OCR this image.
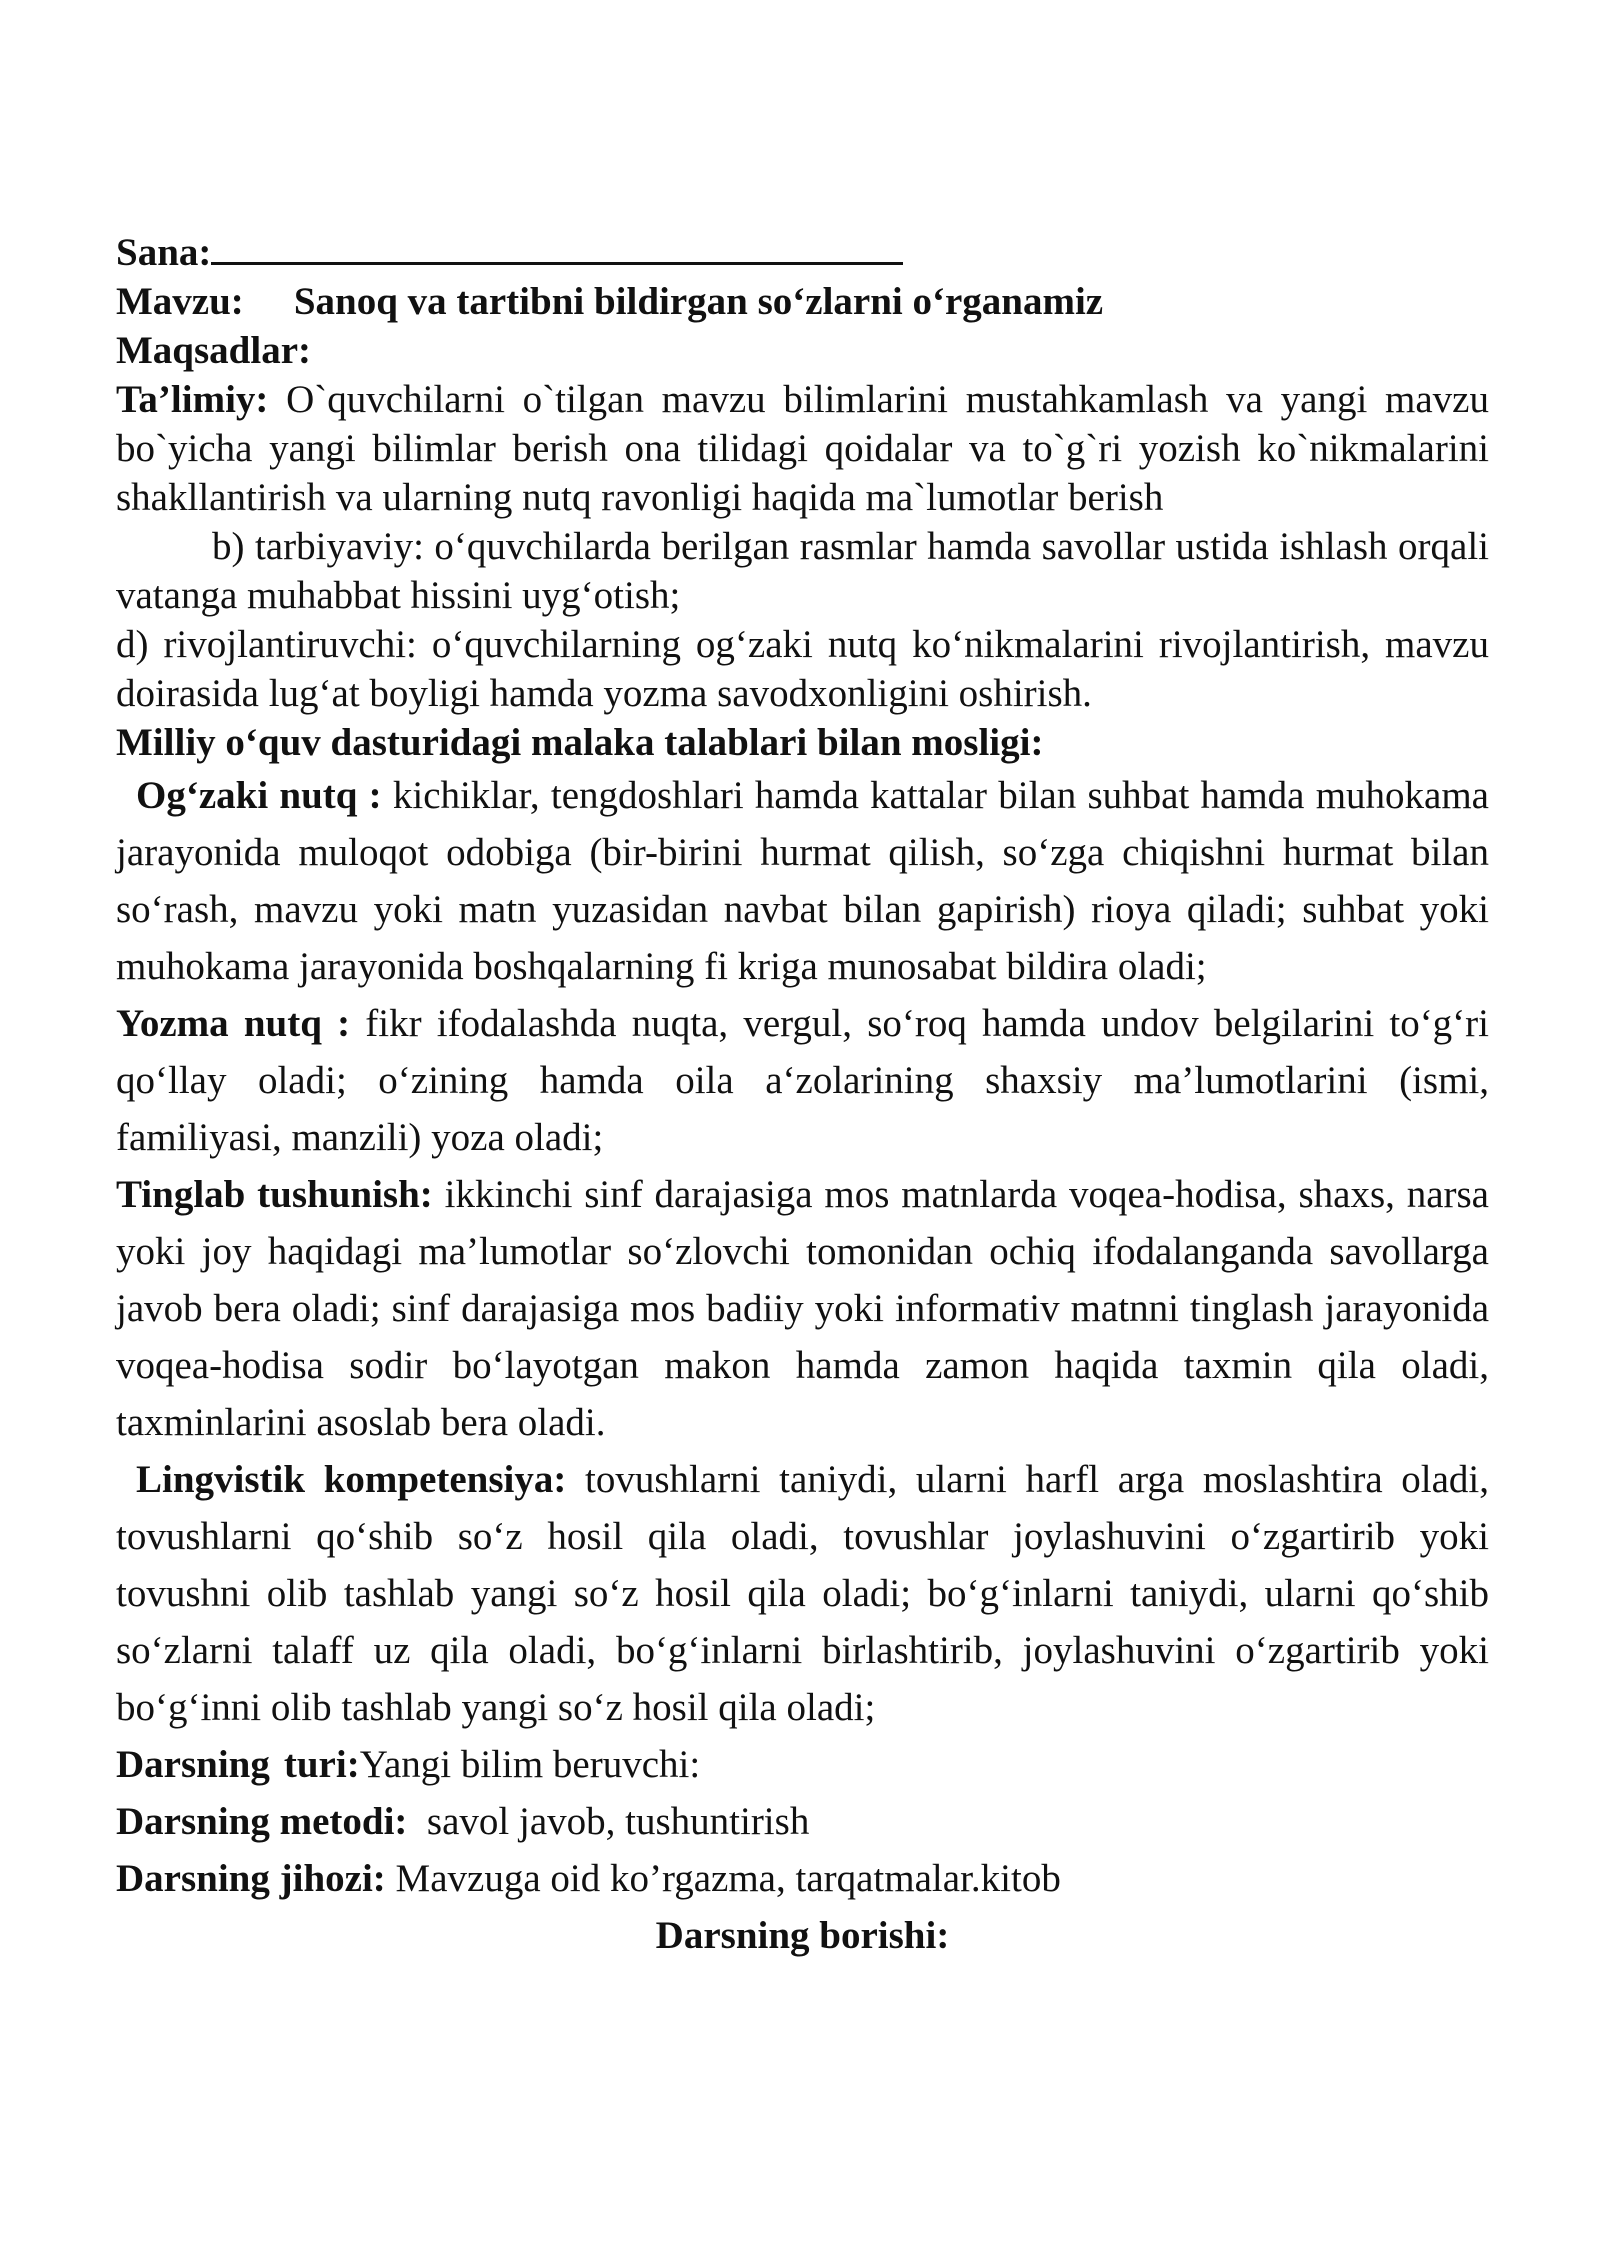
Sana:

Mavzu: Sanoq va tartibni bildirgan so‘zlarni o‘rganamiz

Maqsadlar:

Ta’limiy: O`quvchilarni o`tilgan mavzu bilimlarini mustahkamlash va yangi mavzu bo`yicha yangi bilimlar berish ona tilidagi qoidalar va to`g`ri yozish ko`nikmalarini shakllantirish va ularning nutq ravonligi haqida ma`lumotlar berish

b) tarbiyaviy: o‘quvchilarda berilgan rasmlar hamda savollar ustida ishlash orqali vatanga muhabbat hissini uyg‘otish;

d) rivojlantiruvchi: o‘quvchilarning og‘zaki nutq ko‘nikmalarini rivojlantirish, mavzu doirasida lug‘at boyligi hamda yozma savodxonligini oshirish.

Milliy o‘quv dasturidagi malaka talablari bilan mosligi:

Og‘zaki nutq : kichiklar, tengdoshlari hamda kattalar bilan suhbat hamda muhokama jarayonida muloqot odobiga (bir-birini hurmat qilish, so‘zga chiqishni hurmat bilan so‘rash, mavzu yoki matn yuzasidan navbat bilan gapirish) rioya qiladi; suhbat yoki muhokama jarayonida boshqalarning fi kriga munosabat bildira oladi;

Yozma nutq : fikr ifodalashda nuqta, vergul, so‘roq hamda undov belgilarini to‘g‘ri qo‘llay oladi; o‘zining hamda oila a‘zolarining shaxsiy ma’lumotlarini (ismi, familiyasi, manzili) yoza oladi;

Tinglab tushunish: ikkinchi sinf darajasiga mos matnlarda voqea-hodisa, shaxs, narsa yoki joy haqidagi ma’lumotlar so‘zlovchi tomonidan ochiq ifodalanganda savollarga javob bera oladi; sinf darajasiga mos badiiy yoki informativ matnni tinglash jarayonida voqea-hodisa sodir bo‘layotgan makon hamda zamon haqida taxmin qila oladi, taxminlarini asoslab bera oladi.

Lingvistik kompetensiya: tovushlarni taniydi, ularni harfl arga moslashtira oladi, tovushlarni qo‘shib so‘z hosil qila oladi, tovushlar joylashuvini o‘zgartirib yoki tovushni olib tashlab yangi so‘z hosil qila oladi; bo‘g‘inlarni taniydi, ularni qo‘shib so‘zlarni talaff uz qila oladi, bo‘g‘inlarni birlashtirib, joylashuvini o‘zgartirib yoki bo‘g‘inni olib tashlab yangi so‘z hosil qila oladi;

Darsning turi:Yangi bilim beruvchi:

Darsning metodi:  savol javob, tushuntirish

Darsning jihozi: Mavzuga oid ko’rgazma, tarqatmalar.kitob

Darsning borishi:
